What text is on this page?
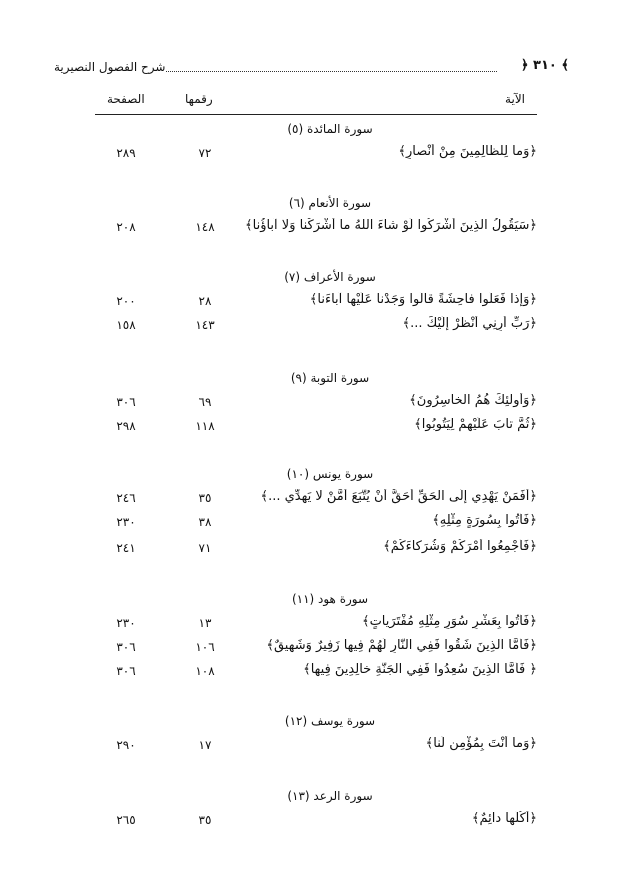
شرح الفصول النصيرية	﴿ ٣١٠ ﴾
الصفحة	رقمها	الآية
سورة المائدة (٥)
٢٨٩	٧٢	﴿وَما لِلظّالِمِينَ مِنْ أنْصارٍ﴾
سورة الأنعام (٦)
٢٠٨	١٤٨	﴿سَيَقُولُ الَّذِينَ أشْرَكُوا لَوْ شاءَ اللَّهُ ما أشْرَكْنا وَلا آباؤُنا﴾
سورة الأعراف (٧)
٢٠٠	٢٨	﴿وَإذا فَعَلُوا فاحِشَةً قالُوا وَجَدْنا عَلَيْها آباءَنا﴾
١٥٨	١٤٣	﴿رَبِّ أرِنِي أنْظُرْ إلَيْكَ ...﴾
سورة التوبة (٩)
٣٠٦	٦٩	﴿وَأُولئِكَ هُمُ الْخاسِرُونَ﴾
٢٩٨	١١٨	﴿ثُمَّ تابَ عَلَيْهِمْ لِيَتُوبُوا﴾
سورة يونس (١٠)
٢٤٦	٣٥	﴿أفَمَنْ يَهْدِي إلَى الْحَقِّ أحَقُّ أنْ يُتَّبَعَ أمَّنْ لا يَهِدِّي ...﴾
٢٣٠	٣٨	﴿فَأْتُوا بِسُورَةٍ مِثْلِهِ﴾
٢٤١	٧١	﴿فَأجْمِعُوا أمْرَكُمْ وَشُرَكاءَكُمْ﴾
سورة هود (١١)
٢٣٠	١٣	﴿فَأْتُوا بِعَشْرِ سُوَرٍ مِثْلِهِ مُفْتَرَياتٍ﴾
٣٠٦	١٠٦	﴿فَأمَّا الَّذِينَ شَقُوا فَفِي النّارِ لَهُمْ فِيها زَفِيرٌ وَشَهِيقٌ﴾
٣٠٦	١٠٨	﴿ فَأمَّا الَّذِينَ سُعِدُوا فَفِي الْجَنَّةِ خالِدِينَ فِيها﴾
سورة يوسف (١٢)
٢٩٠	١٧	﴿وَما أنْتَ بِمُؤْمِنٍ لَنا﴾
سورة الرعد (١٣)
٢٦٥	٣٥	﴿أُكُلُها دائِمٌ﴾
